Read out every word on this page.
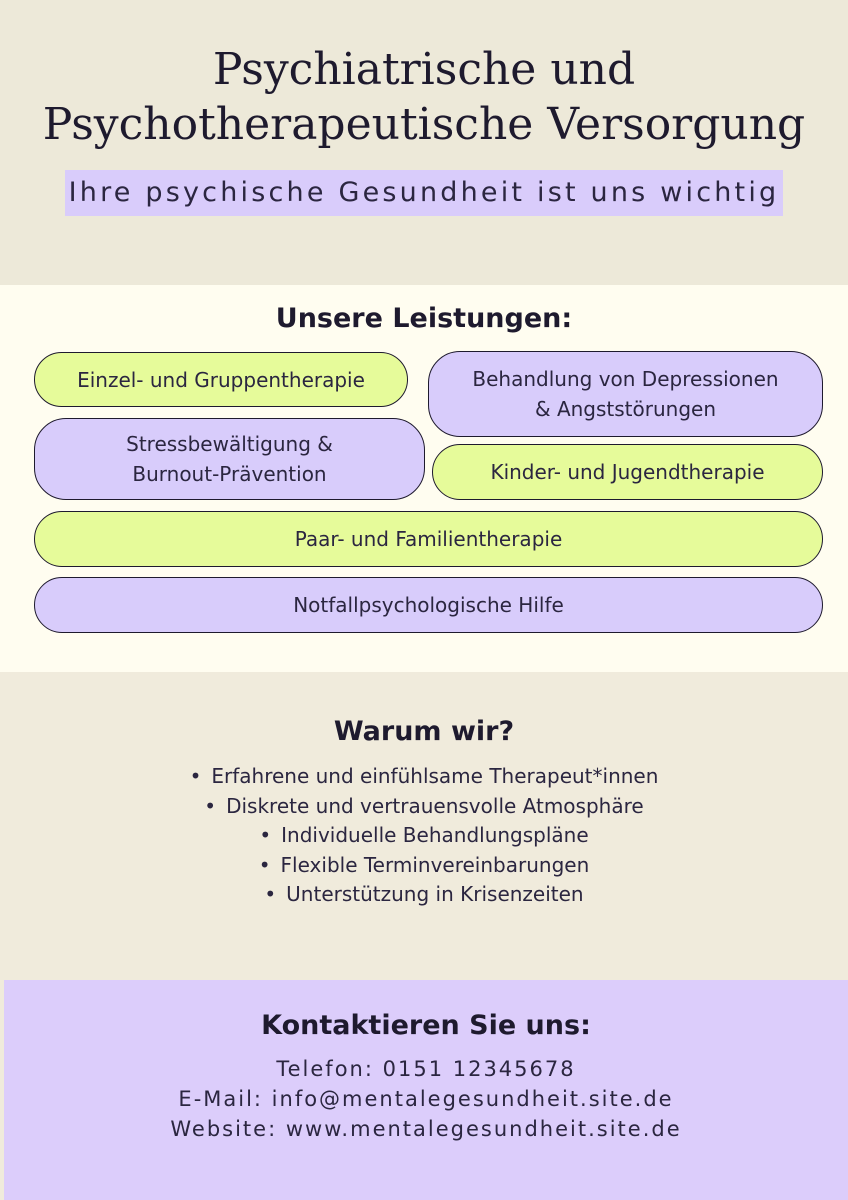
Psychiatrische und
Psychotherapeutische Versorgung
Ihre psychische Gesundheit ist uns wichtig
Unsere Leistungen:
Einzel- und Gruppentherapie	Behandlung von Depressionen
& Angststörungen
Stressbewältigung &
Burnout-Prävention	Kinder- und Jugendtherapie
Paar- und Familientherapie
Notfallpsychologische Hilfe
Warum wir?
• Erfahrene und einfühlsame Therapeut*innen
• Diskrete und vertrauensvolle Atmosphäre
• Individuelle Behandlungspläne
• Flexible Terminvereinbarungen
• Unterstützung in Krisenzeiten
Kontaktieren Sie uns:
Telefon: 0151 12345678
E-Mail: info@mentalegesundheit.site.de
Website: www.mentalegesundheit.site.de
